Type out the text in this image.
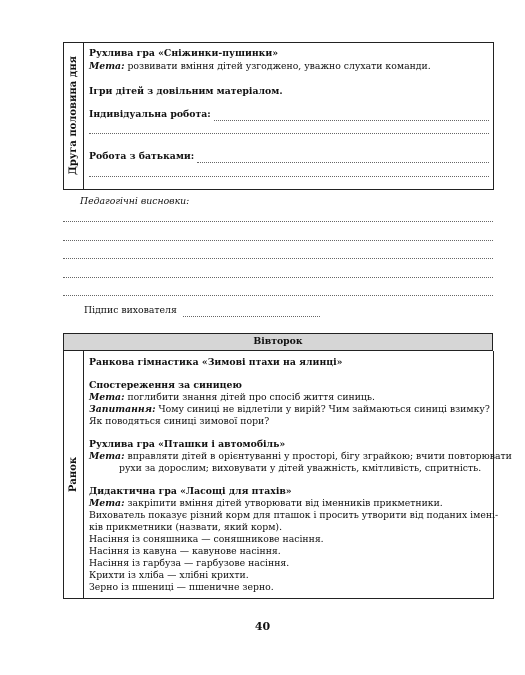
Друга половина дня
Рухлива гра «Сніжинки-пушинки»
Мета: розвивати вміння дітей узгоджено, уважно слухати команди.
Ігри дітей з довільним матеріалом.
Індивідуальна робота:
Робота з батьками:
Педагогічні висновки:
Підпис вихователя
Вівторок
Ранок
Ранкова гімнастика «Зимові птахи на ялинці»
Спостереження за синицею
Мета: поглибити знання дітей про спосіб життя синиць.
Запитання: Чому синиці не відлетіли у вирій? Чим займаються синиці взимку?
Як поводяться синиці зимової пори?
Рухлива гра «Пташки і автомобіль»
Мета: вправляти дітей в орієнтуванні у просторі, бігу зграйкою; вчити повторювати
рухи за дорослим; виховувати у дітей уважність, кмітливість, спритність.
Дидактична гра «Ласощі для птахів»
Мета: закріпити вміння дітей утворювати від іменників прикметники.
Вихователь показує різний корм для пташок і просить утворити від поданих імені-
ків прикметники (назвати, який корм).
Насіння із соняшника — соняшникове насіння.
Насіння із кавуна — кавунове насіння.
Насіння із гарбуза — гарбузове насіння.
Крихти із хліба — хлібні крихти.
Зерно із пшениці — пшеничне зерно.
40
